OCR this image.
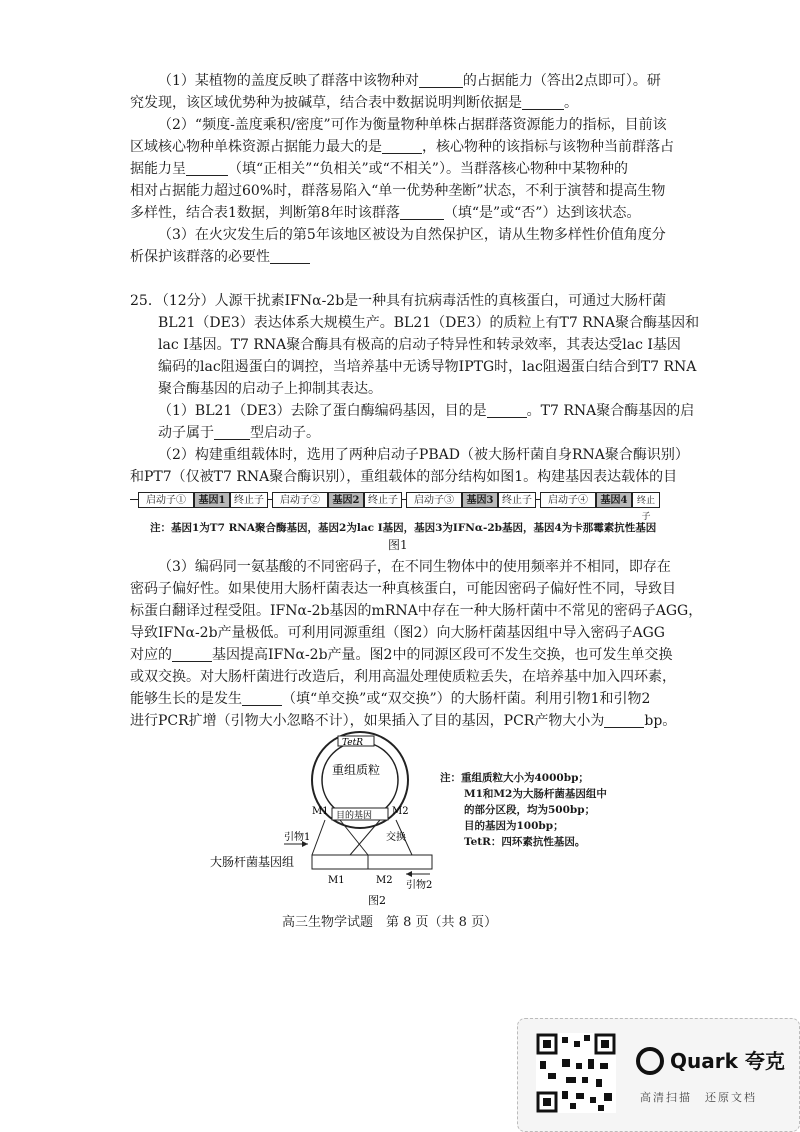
（1）某植物的盖度反映了群落中该物种对	的占据能力（答出2点即可）。研
究发现，该区域优势种为披碱草，结合表中数据说明判断依据是	。
（2）“频度-盖度乘积/密度”可作为衡量物种单株占据群落资源能力的指标，目前该
区域核心物种单株资源占据能力最大的是	，核心物种的该指标与该物种当前群落占
据能力呈	（填“正相关”“负相关”或“不相关”）。当群落核心物种中某物种的
相对占据能力超过60%时，群落易陷入“单一优势种垄断”状态，不利于演替和提高生物
多样性，结合表1数据，判断第8年时该群落	（填“是”或“否”）达到该状态。
（3）在火灾发生后的第5年该地区被设为自然保护区，请从生物多样性价值角度分
析保护该群落的必要性
25．（12分）人源干扰素IFNα-2b是一种具有抗病毒活性的真核蛋白，可通过大肠杆菌
BL21（DE3）表达体系大规模生产。BL21（DE3）的质粒上有T7 RNA聚合酶基因和
lac I基因。T7 RNA聚合酶具有极高的启动子特异性和转录效率，其表达受lac I基因
编码的lac阻遏蛋白的调控，当培养基中无诱导物IPTG时，lac阻遏蛋白结合到T7 RNA
聚合酶基因的启动子上抑制其表达。
（1）BL21（DE3）去除了蛋白酶编码基因，目的是	。T7 RNA聚合酶基因的启
动子属于	型启动子。
（2）构建重组载体时，选用了两种启动子PBAD（被大肠杆菌自身RNA聚合酶识别）
和PT7（仅被T7 RNA聚合酶识别），重组载体的部分结构如图1。构建基因表达载体的目
启动子①	基因1 终止子	启动子②	基因2 终止子	启动子③	基因3 终止子	启动子④	基因4	终止子
注：基因1为T7 RNA聚合酶基因，基因2为lac I基因，基因3为IFNα-2b基因，基因4为卡那霉素抗性基因
图1
（3）编码同一氨基酸的不同密码子，在不同生物体中的使用频率并不相同，即存在
密码子偏好性。如果使用大肠杆菌表达一种真核蛋白，可能因密码子偏好性不同，导致目
标蛋白翻译过程受阻。IFNα-2b基因的mRNA中存在一种大肠杆菌中不常见的密码子AGG，
导致IFNα-2b产量极低。可利用同源重组（图2）向大肠杆菌基因组中导入密码子AGG
对应的	基因提高IFNα-2b产量。图2中的同源区段可不发生交换，也可发生单交换
或双交换。对大肠杆菌进行改造后，利用高温处理使质粒丢失，在培养基中加入四环素，
能够生长的是发生	（填“单交换”或“双交换”）的大肠杆菌。利用引物1和引物2
进行PCR扩增（引物大小忽略不计），如果插入了目的基因，PCR产物大小为	bp。
TetR
重组质粒
目的基因
M1	M2
交换
引物1
大肠杆菌基因组
M1	M2 引物2
图2
注：重组质粒大小为4000bp；
M1和M2为大肠杆菌基因组中
的部分区段，均为500bp；
目的基因为100bp；
TetR：四环素抗性基因。
高三生物学试题　第 8 页（共 8 页）
Quark 夸克
高清扫描　还原文档
